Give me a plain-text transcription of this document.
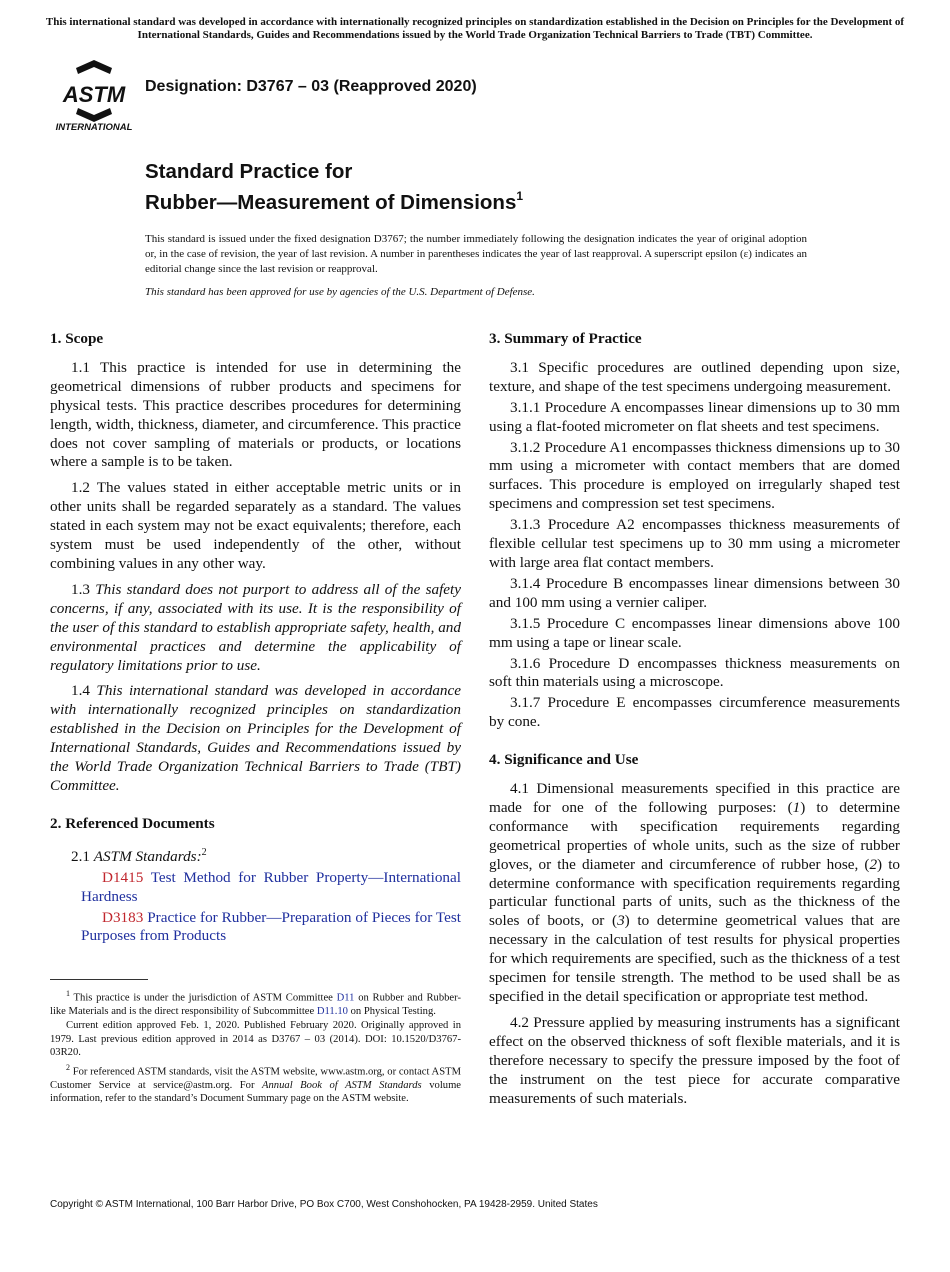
This international standard was developed in accordance with internationally recognized principles on standardization established in the Decision on Principles for the Development of International Standards, Guides and Recommendations issued by the World Trade Organization Technical Barriers to Trade (TBT) Committee.
ASTM
INTERNATIONAL
Designation: D3767 – 03 (Reapproved 2020)
Standard Practice for
Rubber—Measurement of Dimensions$^1$
This standard is issued under the fixed designation D3767; the number immediately following the designation indicates the year of original adoption or, in the case of revision, the year of last revision. A number in parentheses indicates the year of last reapproval. A superscript epsilon (ε) indicates an editorial change since the last revision or reapproval.
This standard has been approved for use by agencies of the U.S. Department of Defense.
1. Scope

1.1 This practice is intended for use in determining the geometrical dimensions of rubber products and specimens for physical tests. This practice describes procedures for determining length, width, thickness, diameter, and circumference. This practice does not cover sampling of materials or products, or locations where a sample is to be taken.

1.2 The values stated in either acceptable metric units or in other units shall be regarded separately as a standard. The values stated in each system may not be exact equivalents; therefore, each system must be used independently of the other, without combining values in any other way.

1.3 This standard does not purport to address all of the safety concerns, if any, associated with its use. It is the responsibility of the user of this standard to establish appropriate safety, health, and environmental practices and determine the applicability of regulatory limitations prior to use.

1.4 This international standard was developed in accordance with internationally recognized principles on standardization established in the Decision on Principles for the Development of International Standards, Guides and Recommendations issued by the World Trade Organization Technical Barriers to Trade (TBT) Committee.

2. Referenced Documents

2.1 ASTM Standards:$^2$

D1415 Test Method for Rubber Property—International Hardness

D3183 Practice for Rubber—Preparation of Pieces for Test Purposes from Products

$^1$ This practice is under the jurisdiction of ASTM Committee D11 on Rubber and Rubber-like Materials and is the direct responsibility of Subcommittee D11.10 on Physical Testing.

Current edition approved Feb. 1, 2020. Published February 2020. Originally approved in 1979. Last previous edition approved in 2014 as D3767 – 03 (2014). DOI: 10.1520/D3767-03R20.

$^2$ For referenced ASTM standards, visit the ASTM website, www.astm.org, or contact ASTM Customer Service at service@astm.org. For Annual Book of ASTM Standards volume information, refer to the standard’s Document Summary page on the ASTM website.

3. Summary of Practice

3.1 Specific procedures are outlined depending upon size, texture, and shape of the test specimens undergoing measurement.

3.1.1 Procedure A encompasses linear dimensions up to 30 mm using a flat-footed micrometer on flat sheets and test specimens.

3.1.2 Procedure A1 encompasses thickness dimensions up to 30 mm using a micrometer with contact members that are domed surfaces. This procedure is employed on irregularly shaped test specimens and compression set test specimens.

3.1.3 Procedure A2 encompasses thickness measurements of flexible cellular test specimens up to 30 mm using a micrometer with large area flat contact members.

3.1.4 Procedure B encompasses linear dimensions between 30 and 100 mm using a vernier caliper.

3.1.5 Procedure C encompasses linear dimensions above 100 mm using a tape or linear scale.

3.1.6 Procedure D encompasses thickness measurements on soft thin materials using a microscope.

3.1.7 Procedure E encompasses circumference measurements by cone.

4. Significance and Use

4.1 Dimensional measurements specified in this practice are made for one of the following purposes: (1) to determine conformance with specification requirements regarding geometrical properties of whole units, such as the size of rubber gloves, or the diameter and circumference of rubber hose, (2) to determine conformance with specification requirements regarding particular functional parts of units, such as the thickness of the soles of boots, or (3) to determine geometrical values that are necessary in the calculation of test results for physical properties for which requirements are specified, such as the thickness of a test specimen for tensile strength. The method to be used shall be as specified in the detail specification or appropriate test method.

4.2 Pressure applied by measuring instruments has a significant effect on the observed thickness of soft flexible materials, and it is therefore necessary to specify the pressure imposed by the foot of the instrument on the test piece for accurate comparative measurements of such materials.

Copyright © ASTM International, 100 Barr Harbor Drive, PO Box C700, West Conshohocken, PA 19428-2959. United States
